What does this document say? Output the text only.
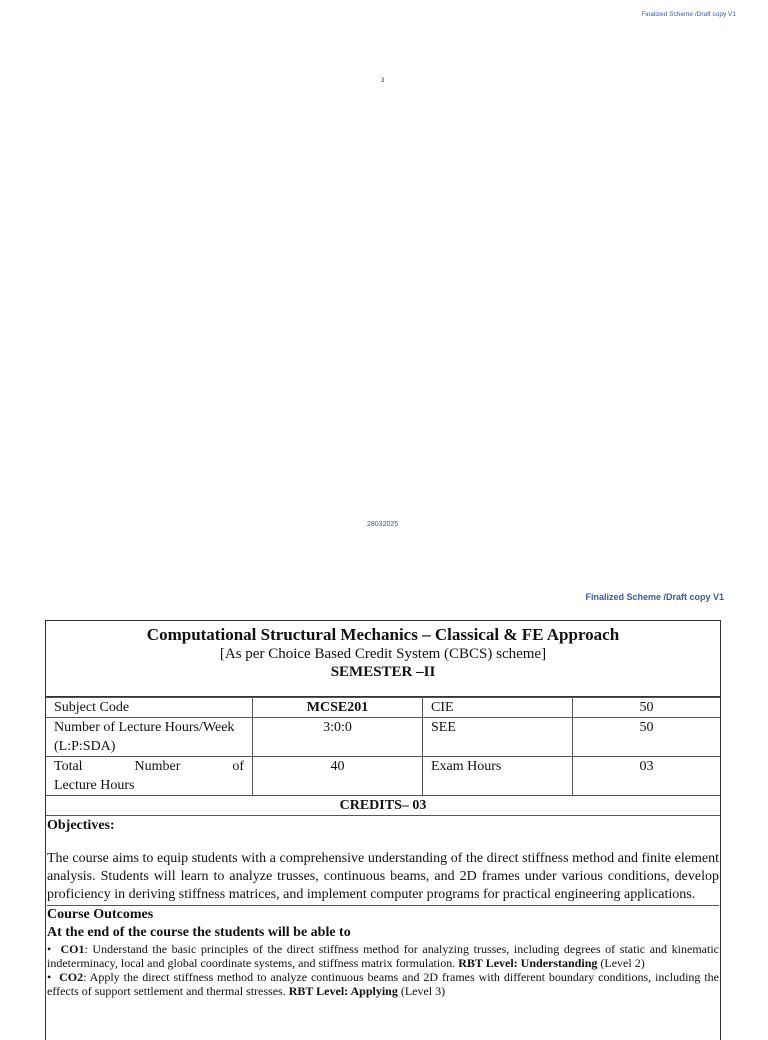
Finalized Scheme /Draft copy V1
3
28032025
Finalized Scheme /Draft copy V1
Computational Structural Mechanics – Classical & FE Approach
[As per Choice Based Credit System (CBCS) scheme]
SEMESTER –II
Subject Code	MCSE201	CIE	50
Number of Lecture Hours/Week (L:P:SDA)	3:0:0	SEE	50

Total Number of
Lecture Hours	40	Exam Hours	03
CREDITS– 03
Objectives:
The course aims to equip students with a comprehensive understanding of the direct stiffness method and finite element analysis. Students will learn to analyze trusses, continuous beams, and 2D frames under various conditions, develop proficiency in deriving stiffness matrices, and implement computer programs for practical engineering applications.
Course Outcomes
At the end of the course the students will be able to
•  CO1: Understand the basic principles of the direct stiffness method for analyzing trusses, including degrees of static and kinematic indeterminacy, local and global coordinate systems, and stiffness matrix formulation. RBT Level: Understanding (Level 2)
•  CO2: Apply the direct stiffness method to analyze continuous beams and 2D frames with different boundary conditions, including the effects of support settlement and thermal stresses. RBT Level: Applying (Level 3)
